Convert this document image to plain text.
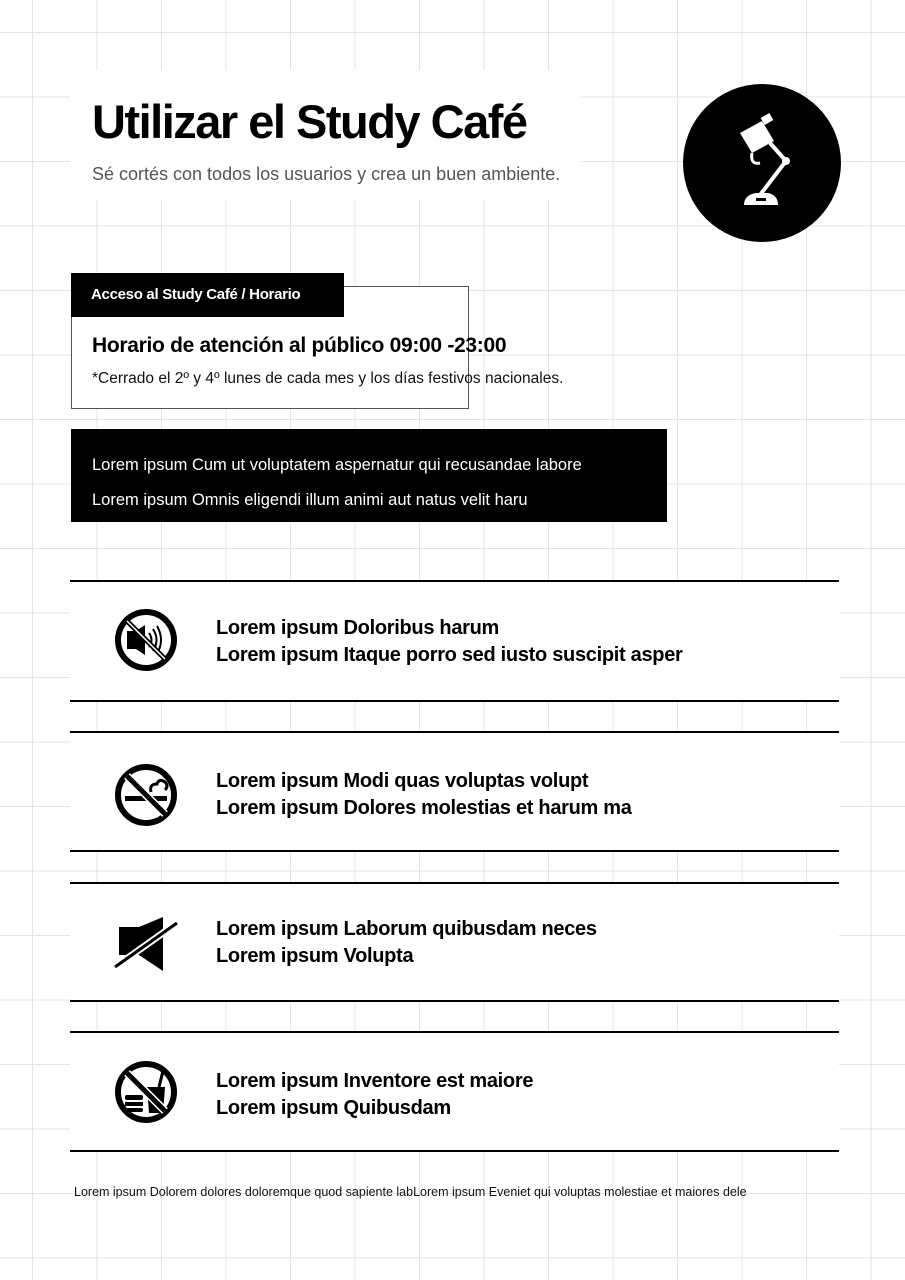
Utilizar el Study Café

Sé cortés con todos los usuarios y crea un buen ambiente.

Acceso al Study Café / Horario
Horario de atención al público 09:00 -23:00
*Cerrado el 2º y 4º lunes de cada mes y los días festivos nacionales.
Lorem ipsum Cum ut voluptatem aspernatur qui recusandae labore
Lorem ipsum Omnis eligendi illum animi aut natus velit haru
Lorem ipsum Doloribus harum
Lorem ipsum Itaque porro sed iusto suscipit asper
Lorem ipsum Modi quas voluptas volupt
Lorem ipsum Dolores molestias et harum ma
Lorem ipsum Laborum quibusdam neces
Lorem ipsum Volupta
Lorem ipsum Inventore est maiore
Lorem ipsum Quibusdam
Lorem ipsum Dolorem dolores doloremque quod sapiente labLorem ipsum Eveniet qui voluptas molestiae et maiores dele
